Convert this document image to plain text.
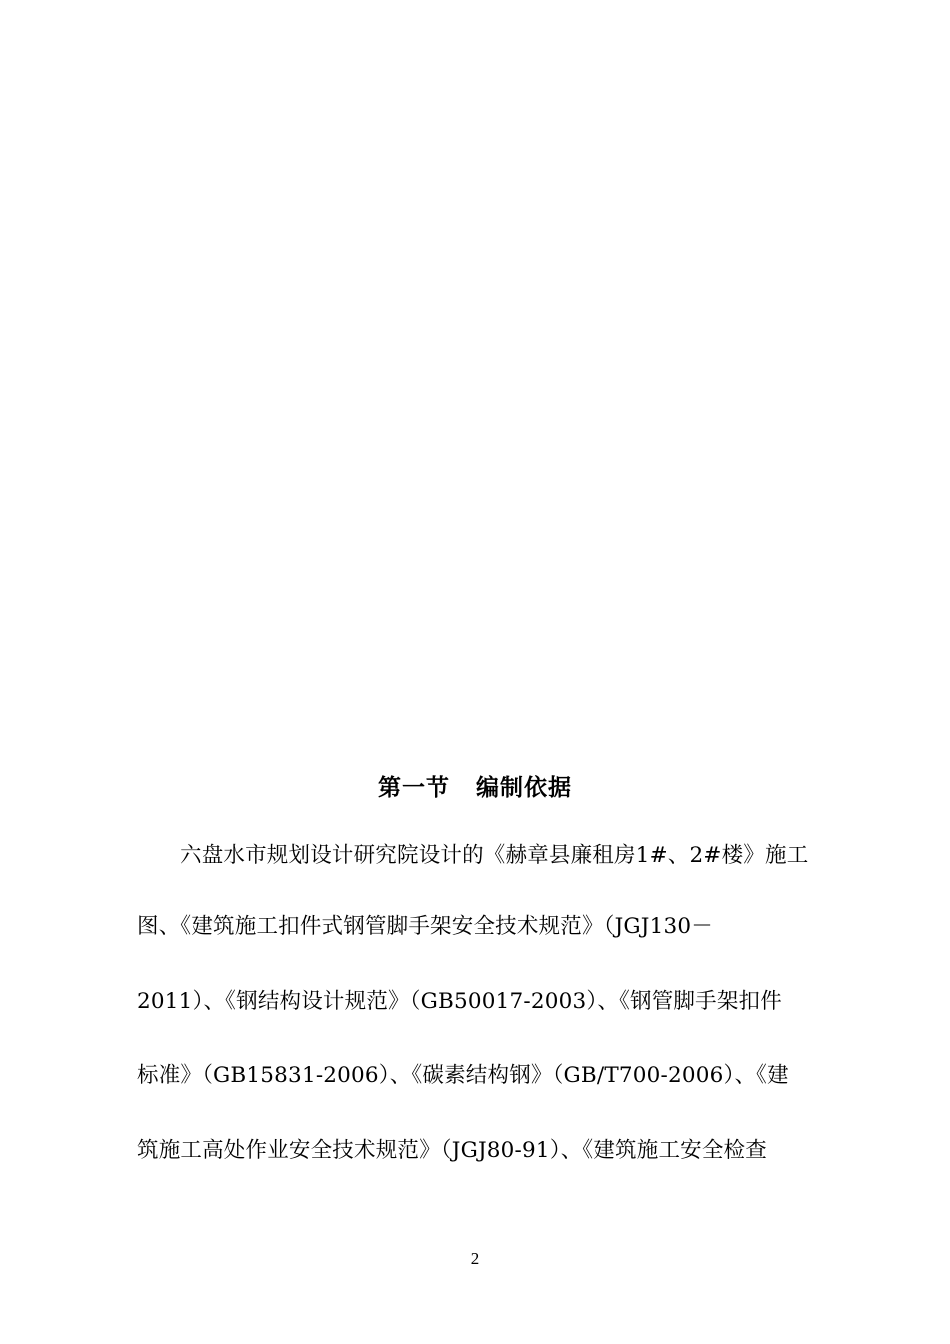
第一节 编制依据
六盘水市规划设计研究院设计的《赫章县廉租房1#、2#楼》施工
图、《建筑施工扣件式钢管脚手架安全技术规范》（JGJ130－
2011）、《钢结构设计规范》（GB50017-2003）、《钢管脚手架扣件
标准》（GB15831-2006）、《碳素结构钢》（GB/T700-2006）、《建
筑施工高处作业安全技术规范》（JGJ80-91）、《建筑施工安全检查
2
